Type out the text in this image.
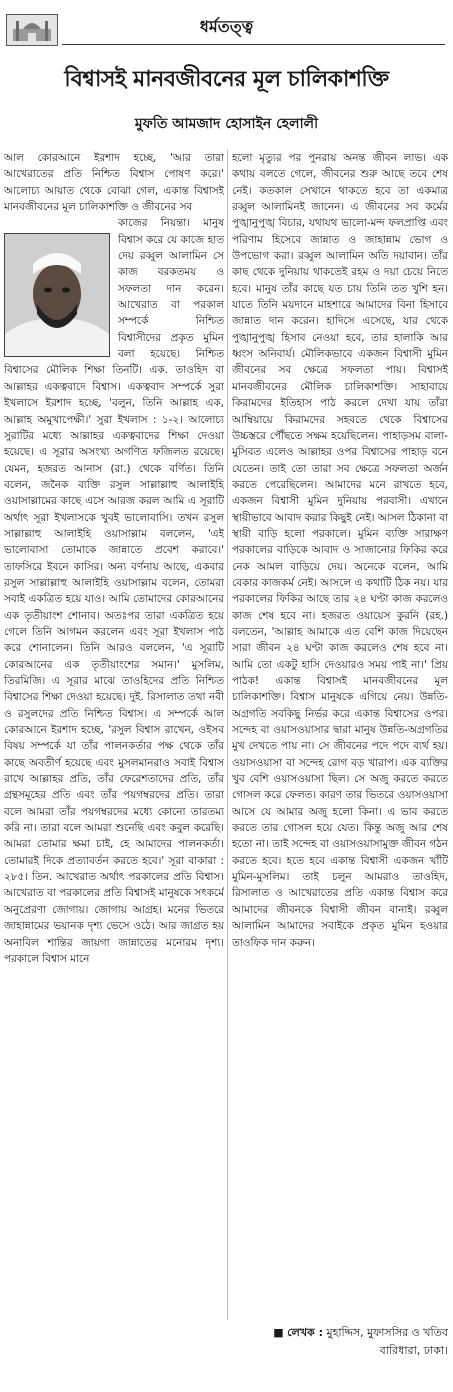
ধর্মতত্ত্ব
বিশ্বাসই মানবজীবনের মূল চালিকাশক্তি
মুফতি আমজাদ হোসাইন হেলালী

আল কোরআনে ইরশাদ হচ্ছে, 'আর তারা আখেরাতের প্রতি নিশ্চিত বিশ্বাস পোষণ করে।' আলোচ্য আয়াত থেকে বোঝা গেল, একান্ত বিশ্বাসই মানবজীবনের মূল চালিকাশক্তি ও জীবনের সব

কাজের নিয়ন্তা। মানুষ বিশ্বাস করে যে কাজে হাত দেয় রব্বুল আলামিন সে কাজ বরকতময় ও সফলতা দান করেন। আখেরাত বা পরকাল সম্পর্কে নিশ্চিত বিশ্বাসীদের প্রকৃত মুমিন বলা হয়েছে। নিশ্চিত বিশ্বাসের মৌলিক শিক্ষা তিনটি। এক. তাওহিদ বা আল্লাহর একত্ববাদে বিশ্বাস। একত্ববাদ সম্পর্কে সুরা ইখলাসে ইরশাদ হচ্ছে, 'বলুন, তিনি আল্লাহ এক, আল্লাহ অমুখাপেক্ষী।' সুরা ইখলাস : ১-২। আলোচ্য সুরাটির মধ্যে আল্লাহর একত্ববাদের শিক্ষা দেওয়া হয়েছে। এ সূরার অসংখ্য অগণিত ফজিলত রয়েছে। যেমন, হজরত আনাস (রা.) থেকে বর্ণিত। তিনি বলেন, জনৈক ব্যক্তি রসুল সাল্লাল্লাহু আলাইহি ওয়াসাল্লামের কাছে এসে আরজ করল আমি এ সূরাটি অর্থাৎ সূরা ইখলাসকে খুবই ভালোবাসি। তখন রসুল সাল্লাল্লাহু আলাইহি ওয়াসাল্লাম বললেন, 'এই ভালোবাসা তোমাকে জান্নাতে প্রবেশ করাবে।' তাফসিরে ইবনে কাসির। অন্য বর্ণনায় আছে, একবার রসুল সাল্লাল্লাহু আলাইহি ওয়াসাল্লাম বলেন, তোমরা সবাই একত্রিত হয়ে যাও। আমি তোমাদের কোরআনের এক তৃতীয়াংশ শোনাব। অতঃপর তারা একত্রিত হয়ে গেলে তিনি আগমন করলেন এবং সূরা ইখলাস পাঠ করে শোনালেন। তিনি আরও বললেন, 'এ সূরাটি কোরআনের এক তৃতীয়াংশের সমান।' মুসলিম, তিরমিজি। এ সূরার মাঝে তাওহিদের প্রতি নিশ্চিত বিশ্বাসের শিক্ষা দেওয়া হয়েছে। দুই. রিসালাত তথা নবী ও রসুলদের প্রতি নিশ্চিত বিশ্বাস। এ সম্পর্কে আল কোরআনে ইরশাদ হচ্ছে, 'রসুল বিশ্বাস রাখেন, ওইসব বিষয় সম্পর্কে যা তাঁর পালনকর্তার পক্ষ থেকে তাঁর কাছে অবতীর্ণ হয়েছে এবং মুসলমানরাও সবাই বিশ্বাস রাখে আল্লাহর প্রতি, তাঁর ফেরেশতাদের প্রতি, তাঁর গ্রন্থসমূহের প্রতি এবং তাঁর পয়গম্বরদের প্রতি। তারা বলে আমরা তাঁর পয়গম্বরদের মধ্যে কোনো তারতম্য করি না। তারা বলে আমরা শুনেছি এবং কবুল করেছি। আমরা তোমার ক্ষমা চাই, হে আমাদের পালনকর্তা। তোমারই দিকে প্রত্যাবর্তন করতে হবে।' সূরা বাকারা : ২৮৫। তিন. আখেরাত অর্থাৎ পরকালের প্রতি বিশ্বাস। আখেরাত বা পরকালের প্রতি বিশ্বাসই মানুষকে সৎকর্মে অনুপ্রেরণা জোগায়। জোগায় আগ্রহ। মনের ভিতরে জাহান্নামের ভয়ানক দৃশ্য ভেসে ওঠে। আর জাগ্রত হয় অনাবিল শান্তির জায়গা জান্নাতের মনোরম দৃশ্য। পরকালে বিশ্বাস মানে

হলো মৃত্যুর পর পুনরায় অনন্ত জীবন লাভ। এক কথায় বলতে গেলে, জীবনের শুরু আছে তবে শেষ নেই। কতকাল সেখানে থাকতে হবে তা একমাত্র রব্বুল আলামিনই জানেন। এ জীবনের সব কর্মের পুঙ্খানুপুঙ্খ বিচার, যথাযথ ভালো-মন্দ ফলপ্রাপ্তি এবং পরিণাম হিসেবে জান্নাত ও জাহান্নাম ভোগ ও উপভোগ করা। রব্বুল আলামিন অতি দয়াবান। তাঁর কাছ থেকে দুনিয়ায় থাকতেই রহম ও দয়া চেয়ে নিতে হবে। মানুষ তাঁর কাছে যত চায় তিনি তত খুশি হন। যাতে তিনি ময়দানে মাহশারে আমাদের বিনা হিসাবে জান্নাত দান করেন। হাদিসে এসেছে, যার থেকে পুঙ্খানুপুঙ্খ হিসাব নেওয়া হবে, তার হালাকি আর ধ্বংস অনিবার্য। মৌলিকভাবে একজন বিশ্বাসী মুমিন জীবনের সব ক্ষেত্রে সফলতা পায়। বিশ্বাসই মানবজীবনের মৌলিক চালিকাশক্তি। সাহাবায়ে কিরামদের ইতিহাস পাঠ করলে দেখা যায় তাঁরা আম্বিয়ায়ে কিরামদের সহবতে থেকে বিশ্বাসের উচ্চস্তরে পৌঁছতে সক্ষম হয়েছিলেন। পাহাড়সম বালা-মুসিবত এলেও আল্লাহর ওপর বিশ্বাসের পাহাড় বনে যেতেন। তাই তো তারা সব ক্ষেত্রে সফলতা অর্জন করতে পেরেছিলেন। আমাদের মনে রাখতে হবে, একজন বিশ্বাসী মুমিন দুনিয়ায় পরবাসী। এখানে স্থায়ীভাবে আবাদ করার কিছুই নেই। আসল ঠিকানা বা স্থায়ী বাড়ি হলো পরকালে। মুমিন ব্যক্তি সারাক্ষণ পরকালের বাড়িকে আবাদ ও সাজানোর ফিকির করে নেক আমল বাড়িয়ে দেয়। অনেকে বলেন, আমি বেকার কাজকর্ম নেই। আসলে এ কথাটি ঠিক নয়। যার পরকালের ফিকির আছে তার ২৪ ঘণ্টা কাজ করলেও কাজ শেষ হবে না। হজরত ওয়ায়েস কুরনি (রহ.) বলতেন, 'আল্লাহ আমাকে এত বেশি কাজ দিয়েছেন সারা জীবন ২৪ ঘণ্টা কাজ করলেও শেষ হবে না। আমি তো একটু হাসি দেওয়ারও সময় পাই না।' প্রিয় পাঠক! একান্ত বিশ্বাসই মানবজীবনের মূল চালিকাশক্তি। বিশ্বাস মানুষকে এগিয়ে নেয়। উন্নতি-অগ্রগতি সবকিছু নির্ভর করে একান্ত বিশ্বাসের ওপর। সন্দেহ বা ওয়াসওয়াসার দ্বারা মানুষ উন্নতি-অগ্রগতির মুখ দেখতে পায় না। সে জীবনের পদে পদে ব্যর্থ হয়। ওয়াসওয়াসা বা সন্দেহ রোগ বড় খারাপ। এক ব্যক্তির খুব বেশি ওয়াসওয়াসা ছিল। সে অজু করতে করতে গোসল করে ফেলত। কারণ তার ভিতরে ওয়াসওয়াসা আসে যে আমার অজু হলো কিনা। এ ভাব করতে করতে তার গোসল হয়ে যেত। কিন্তু অজু আর শেষ হতো না। তাই সন্দেহ বা ওয়াসওয়াসামুক্ত জীবন গঠন করতে হবে। হতে হবে একান্ত বিশ্বাসী একজন খাঁটি মুমিন-মুসলিম। তাই চলুন আমরাও তাওহিদ, রিসালাত ও আখেরাতের প্রতি একান্ত বিশ্বাস করে আমাদের জীবনকে বিশ্বাসী জীবন বানাই। রব্বুল আলামিন আমাদের সবাইকে প্রকৃত মুমিন হওয়ার তাওফিক দান করুন।

■ লেখক : মুহাদ্দিস, মুফাসসির ও খতিব বারিধারা, ঢাকা।
